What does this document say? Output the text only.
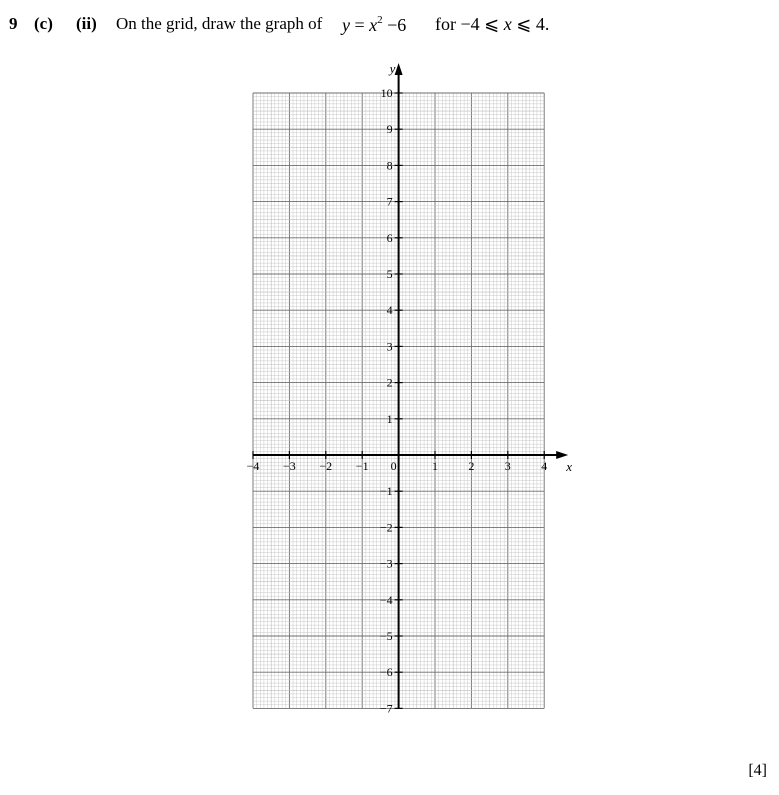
9 (c) (ii) On the grid, draw the graph of $y = x^2 -6$ for −4 ⩽ x ⩽ 4.
y
x
1
2
3
4
5
6
7
8
9
10
−1
−2
−3
−4
−5
−6
−7
−4 −3 −2 −1 0	1	2	3	4
[4]
